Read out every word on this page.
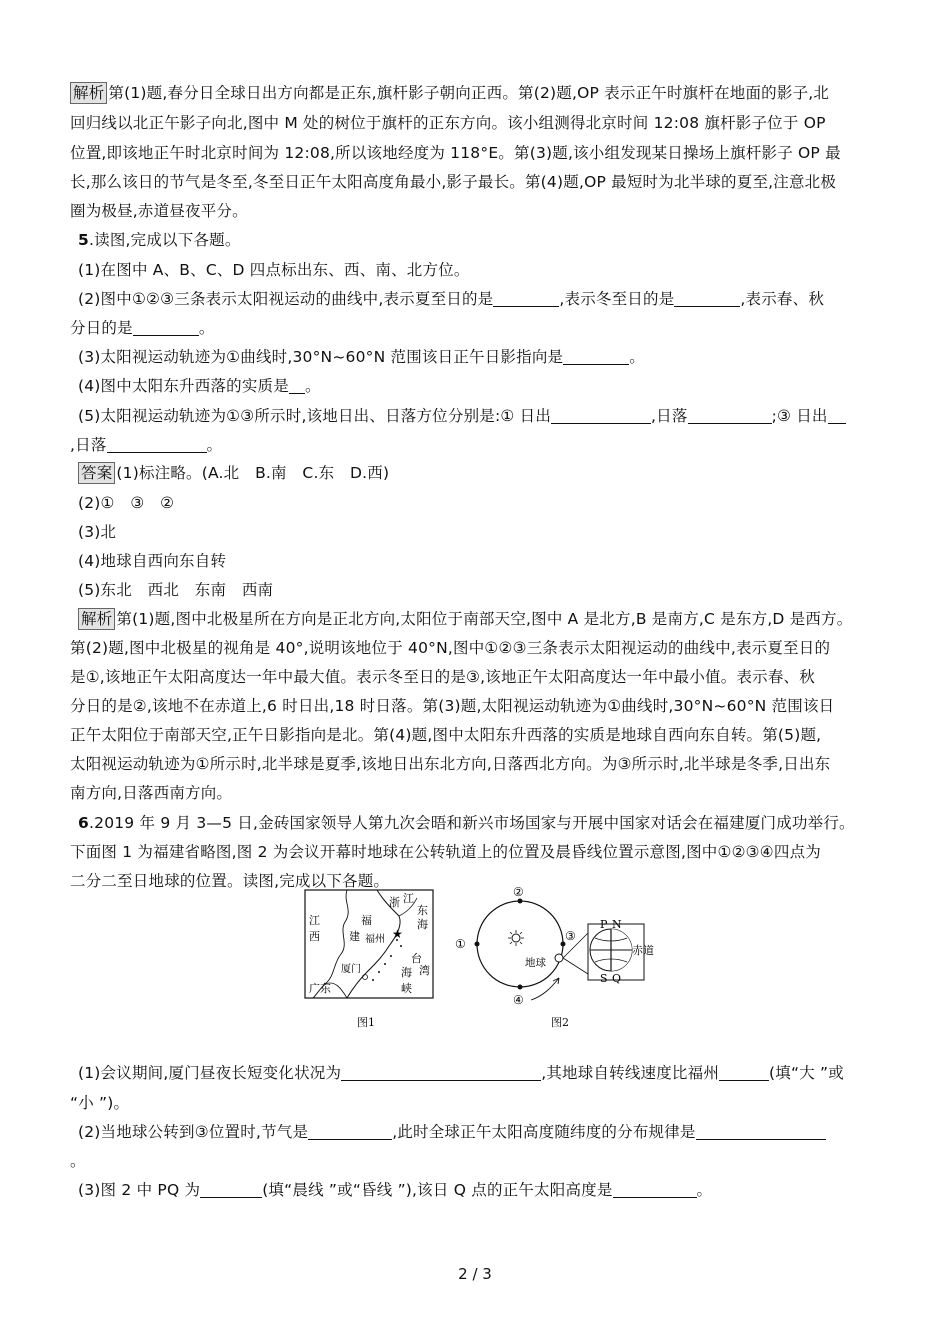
解析 第(1)题,春分日全球日出方向都是正东,旗杆影子朝向正西。第(2)题,OP 表示正午时旗杆在地面的影子,北
回归线以北正午影子向北,图中 M 处的树位于旗杆的正东方向。该小组测得北京时间 12:08 旗杆影子位于 OP
位置,即该地正午时北京时间为 12:08,所以该地经度为 118°E。第(3)题,该小组发现某日操场上旗杆影子 OP 最
长,那么该日的节气是冬至,冬至日正午太阳高度角最小,影子最长。第(4)题,OP 最短时为北半球的夏至,注意北极
圈为极昼,赤道昼夜平分。
5.读图,完成以下各题。
(1)在图中 A、B、C、D 四点标出东、西、南、北方位。
(2)图中①②③三条表示太阳视运动的曲线中,表示夏至日的是	,表示冬至日的是	,表示春、秋
分日的是	。
(3)太阳视运动轨迹为①曲线时,30°N~60°N 范围该日正午日影指向是	。
(4)图中太阳东升西落的实质是 。
(5)太阳视运动轨迹为①③所示时,该地日出、日落方位分别是:① 日出	,日落	;③ 日出
,日落	。
答案 (1)标注略。(A.北　B.南　C.东　D.西)
(2)①　③　②
(3)北
(4)地球自西向东自转
(5)东北　西北　东南　西南
解析 第(1)题,图中北极星所在方向是正北方向,太阳位于南部天空,图中 A 是北方,B 是南方,C 是东方,D 是西方。
第(2)题,图中北极星的视角是 40°,说明该地位于 40°N,图中①②③三条表示太阳视运动的曲线中,表示夏至日的
是①,该地正午太阳高度达一年中最大值。表示冬至日的是③,该地正午太阳高度达一年中最小值。表示春、秋
分日的是②,该地不在赤道上,6 时日出,18 时日落。第(3)题,太阳视运动轨迹为①曲线时,30°N~60°N 范围该日
正午太阳位于南部天空,正午日影指向是北。第(4)题,图中太阳东升西落的实质是地球自西向东自转。第(5)题,
太阳视运动轨迹为①所示时,北半球是夏季,该地日出东北方向,日落西北方向。为③所示时,北半球是冬季,日出东
南方向,日落西南方向。
6.2019 年 9 月 3—5 日,金砖国家领导人第九次会晤和新兴市场国家与开展中国家对话会在福建厦门成功举行。
下面图 1 为福建省略图,图 2 为会议开幕时地球在公转轨道上的位置及晨昏线位置示意图,图中①②③④四点为
二分二至日地球的位置。读图,完成以下各题。
★
浙 江
东
海
江
西
福
建 福州
台
湾
海
峡
厦门
广东
图1
地球
②
①
③
④
P N
S Q
赤道
图2
(1)会议期间,厦门昼夜长短变化状况为	,其地球自转线速度比福州	(填“大 ”或
“小 ”)。
(2)当地球公转到③位置时,节气是	,此时全球正午太阳高度随纬度的分布规律是
。
(3)图 2 中 PQ 为	(填“晨线 ”或“昏线 ”),该日 Q 点的正午太阳高度是	。
2 / 3
